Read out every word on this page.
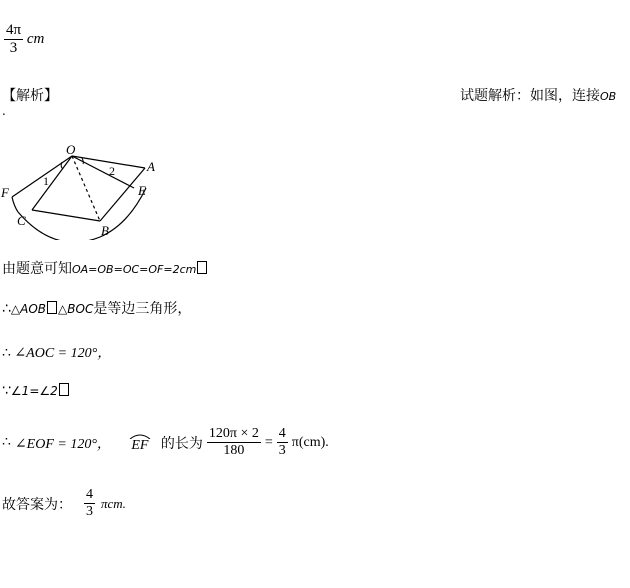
$\frac{4\pi}{3}$ cm
【解析】	试题解析：如图，连接OB
.
O
A
E
F
C
B
1
2
由题意可知OA=OB=OC=OF=2cm
∴△AOB △BOC是等边三角形，
∴ ∠AOC = 120°，
∵∠1=∠2
∴ ∠EOF = 120°， EF 的长为 $\frac{120\pi \times 2}{180} = \frac{4}{3} \pi(cm)$.
故答案为： $\frac{4}{3} \pi cm$.
